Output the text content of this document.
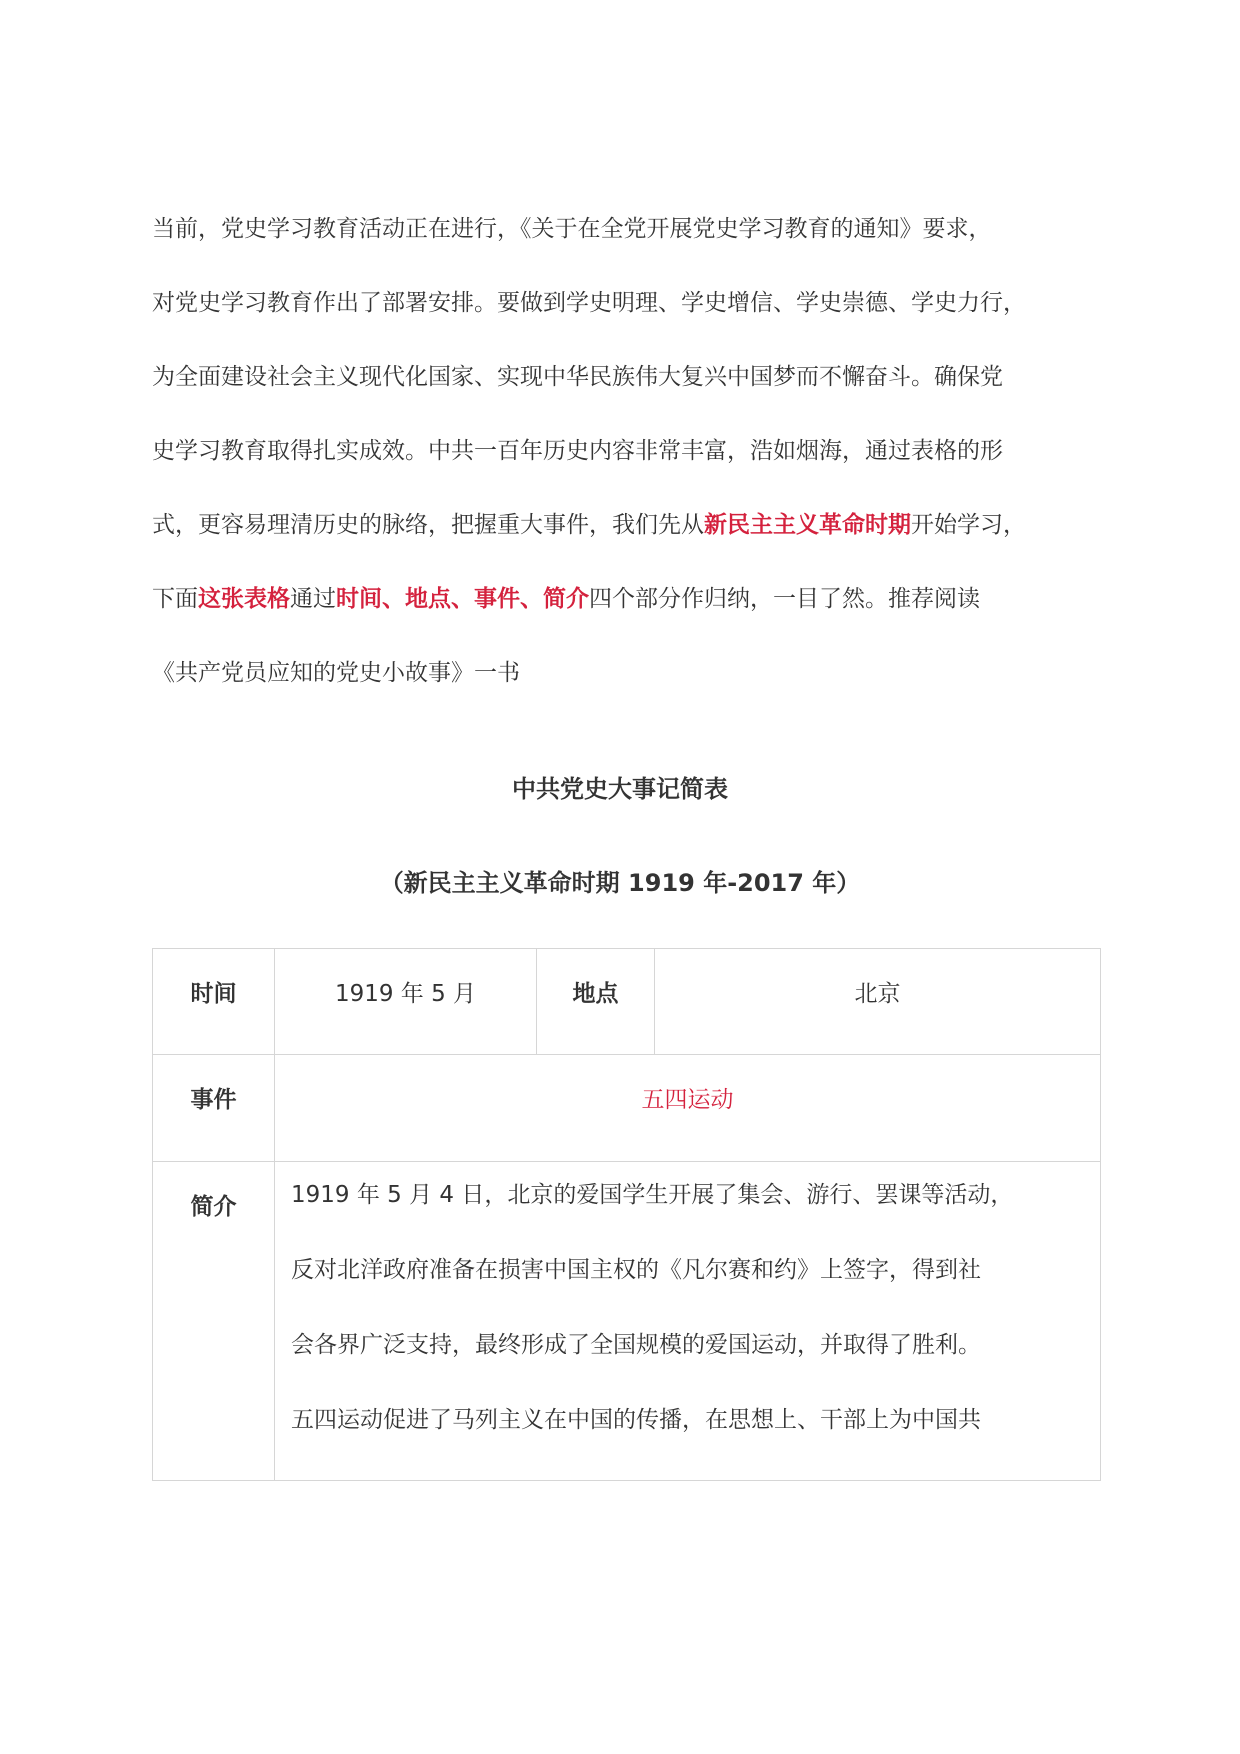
当前，党史学习教育活动正在进行，《关于在全党开展党史学习教育的通知》要求，
对党史学习教育作出了部署安排。要做到学史明理、学史增信、学史崇德、学史力行，
为全面建设社会主义现代化国家、实现中华民族伟大复兴中国梦而不懈奋斗。确保党
史学习教育取得扎实成效。中共一百年历史内容非常丰富，浩如烟海，通过表格的形
式，更容易理清历史的脉络，把握重大事件，我们先从新民主主义革命时期开始学习，
下面这张表格通过时间、地点、事件、简介四个部分作归纳，一目了然。推荐阅读
《共产党员应知的党史小故事》一书
中共党史大事记简表
（新民主主义革命时期 1919 年-2017 年）
时间	1919 年 5 月	地点	北京
事件	五四运动		
简介	1919 年 5 月 4 日，北京的爱国学生开展了集会、游行、罢课等活动，
反对北洋政府准备在损害中国主权的《凡尔赛和约》上签字，得到社
会各界广泛支持，最终形成了全国规模的爱国运动，并取得了胜利。
五四运动促进了马列主义在中国的传播，在思想上、干部上为中国共		
